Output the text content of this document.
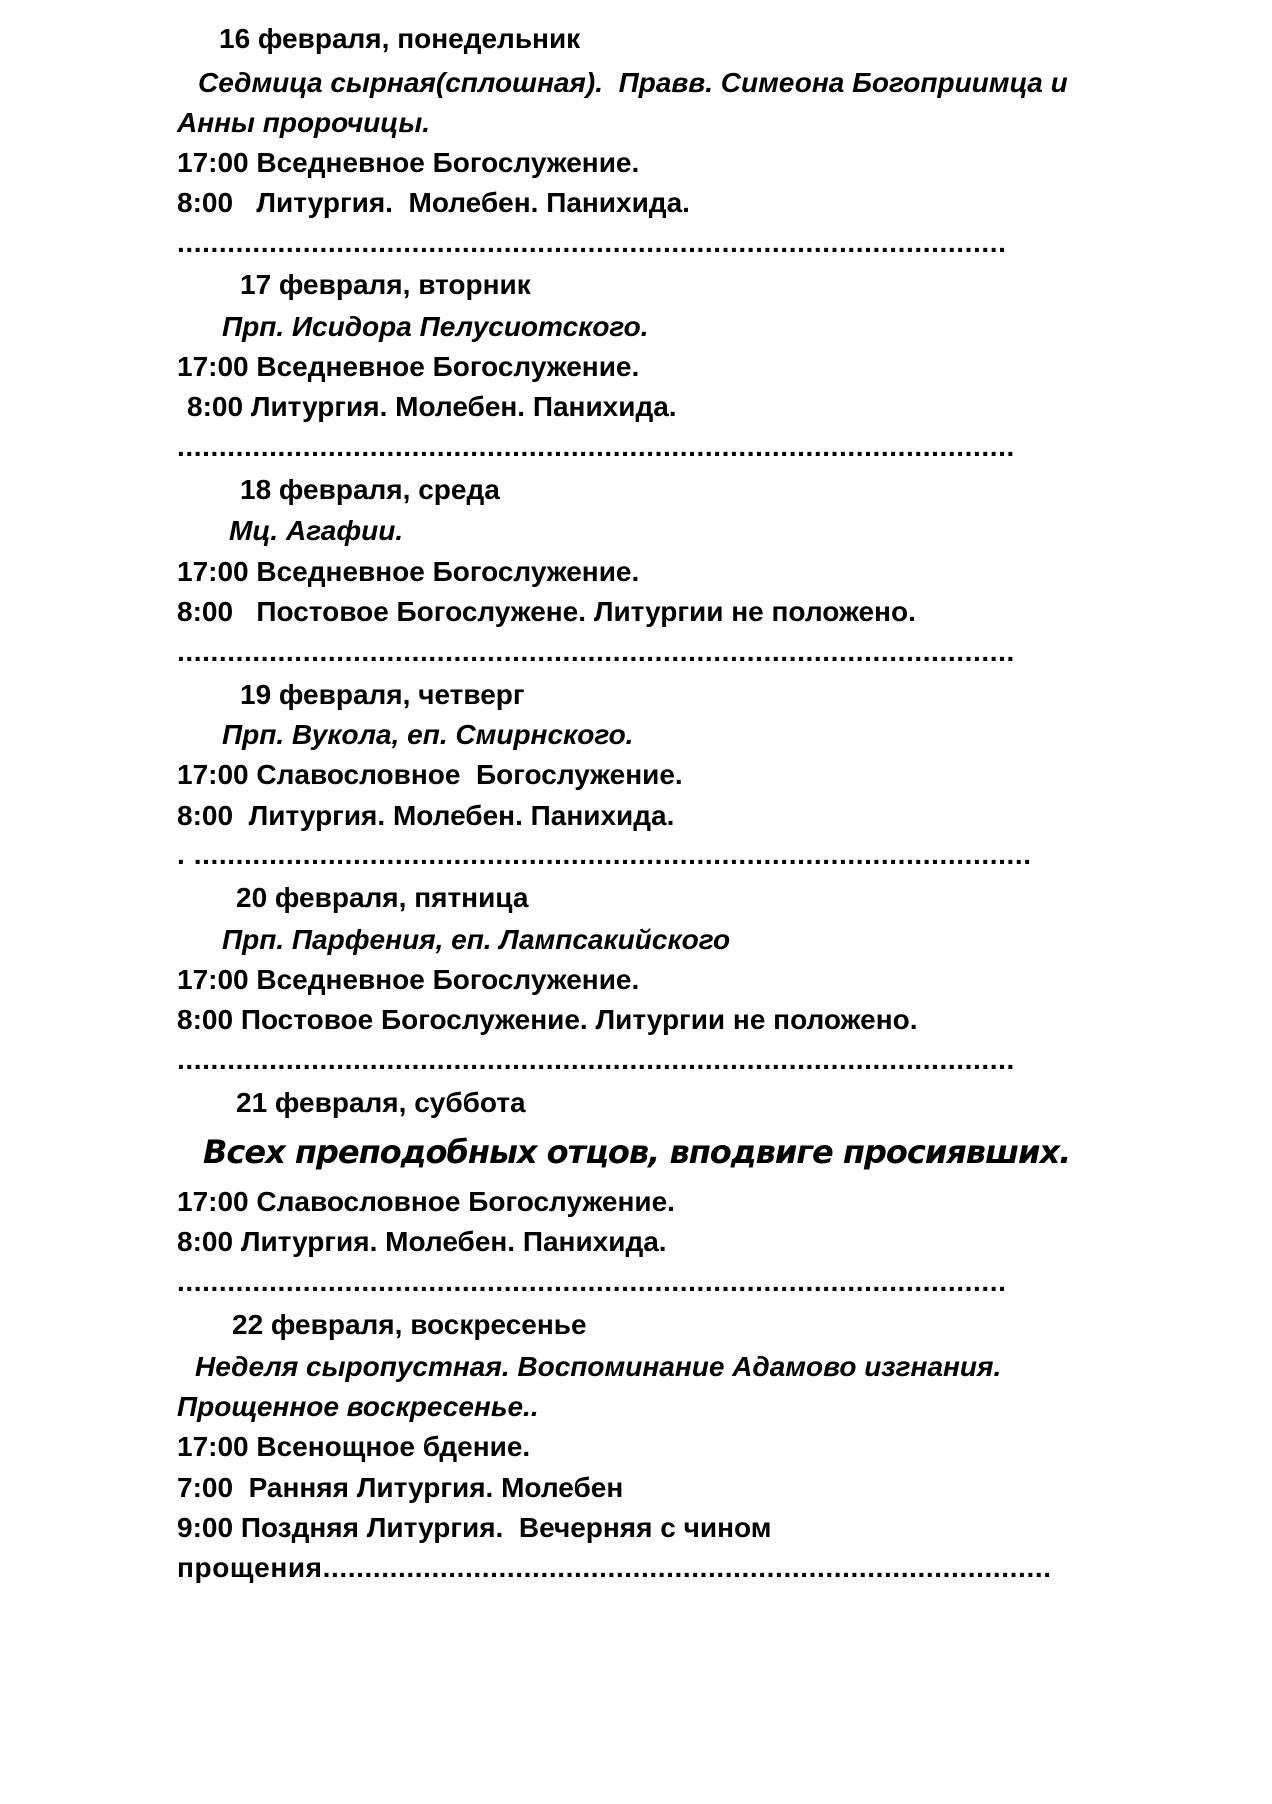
16 февраля, понедельник
Седмица сырная(сплошная).  Правв. Симеона Богоприимца и
Анны пророчицы.
17:00 Вседневное Богослужение.
8:00   Литургия.  Молебен. Панихида.
...................................................................................................
17 февраля, вторник
Прп. Исидора Пелусиотского.
17:00 Вседневное Богослужение.
8:00 Литургия. Молебен. Панихида.
....................................................................................................
18 февраля, среда
Мц. Агафии.
17:00 Вседневное Богослужение.
8:00   Постовое Богослужене. Литургии не положено.
....................................................................................................
19 февраля, четверг
Прп. Вукола, еп. Смирнского.
17:00 Славословное  Богослужение.
8:00  Литургия. Молебен. Панихида.
. ....................................................................................................
20 февраля, пятница
Прп. Парфения, еп. Лампсакийского
17:00 Вседневное Богослужение.
8:00 Постовое Богослужение. Литургии не положено.
....................................................................................................
21 февраля, суббота
Всех преподобных отцов, вподвиге просиявших.
17:00 Славословное Богослужение.
8:00 Литургия. Молебен. Панихида.
...................................................................................................
22 февраля, воскресенье
Неделя сыропустная. Воспоминание Адамово изгнания.
Прощенное воскресенье..
17:00 Всенощное бдение.
7:00  Ранняя Литургия. Молебен
9:00 Поздняя Литургия.  Вечерняя с чином
прощения.......................................................................................
